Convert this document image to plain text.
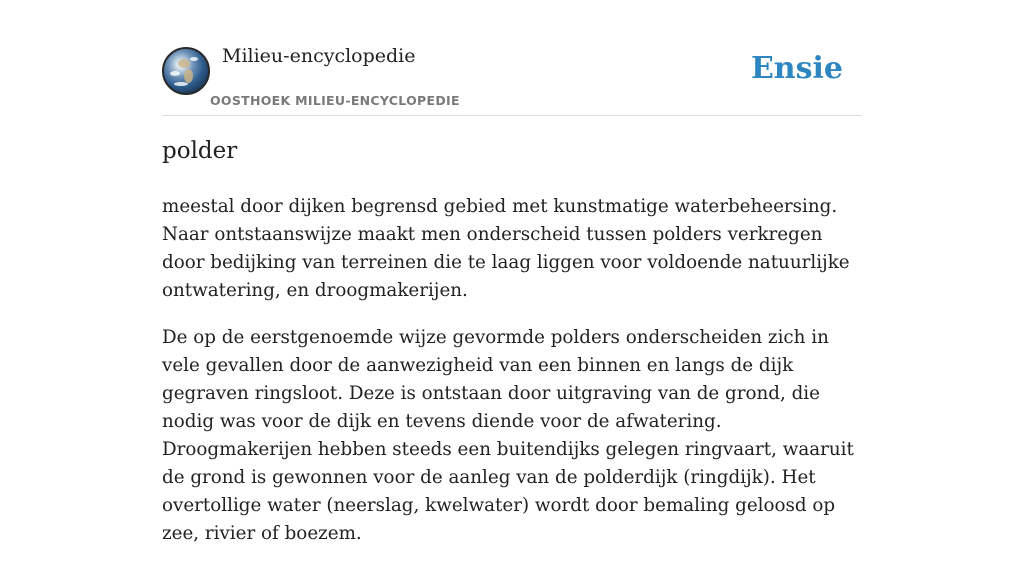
Milieu-encyclopedie
OOSTHOEK MILIEU-ENCYCLOPEDIE
Ensie
polder

meestal door dijken begrensd gebied met kunstmatige waterbeheersing. Naar ontstaanswijze maakt men onderscheid tussen polders verkregen door bedijking van terreinen die te laag liggen voor voldoende natuurlijke ontwatering, en droogmakerijen.

De op de eerstgenoemde wijze gevormde polders onderscheiden zich in vele gevallen door de aanwezigheid van een binnen en langs de dijk gegraven ringsloot. Deze is ontstaan door uitgraving van de grond, die nodig was voor de dijk en tevens diende voor de afwatering. Droogmakerijen hebben steeds een buitendijks gelegen ringvaart, waaruit de grond is gewonnen voor de aanleg van de polderdijk (ringdijk). Het overtollige water (neerslag, kwelwater) wordt door bemaling geloosd op zee, rivier of boezem.
